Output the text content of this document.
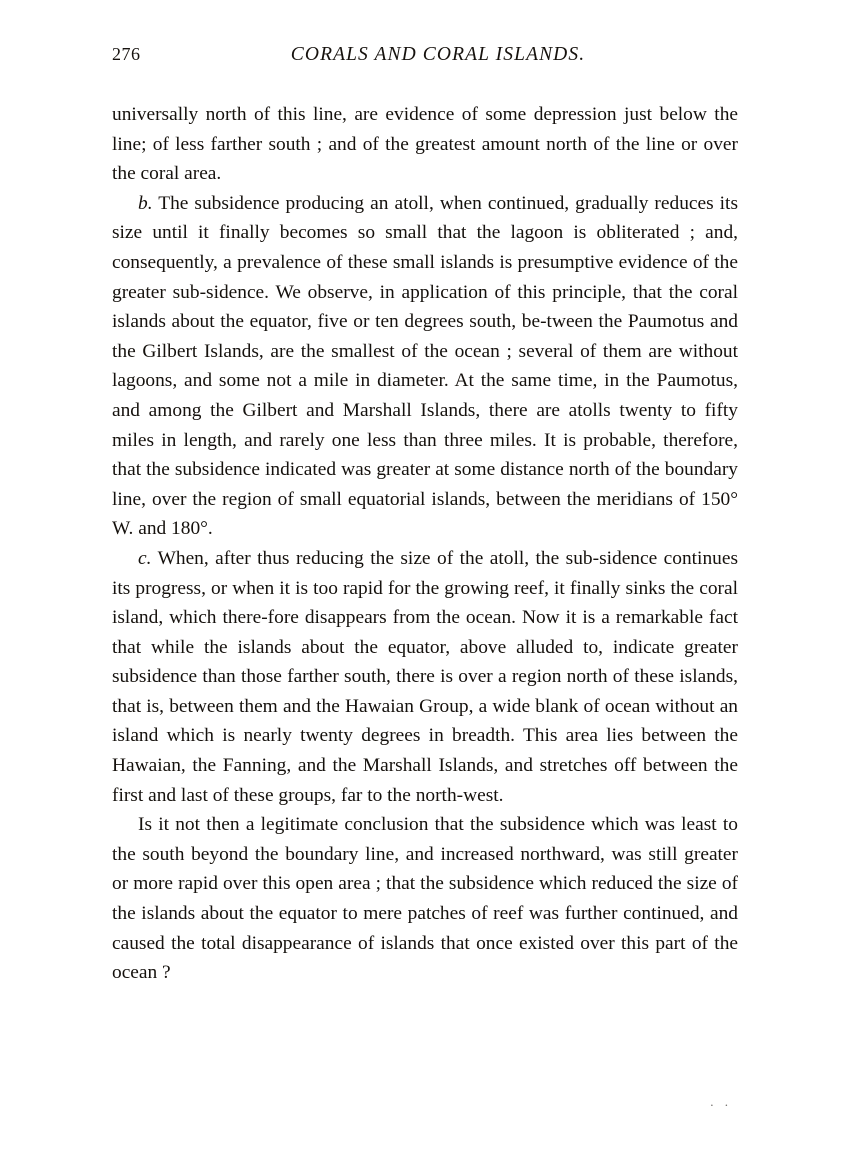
276	CORALS AND CORAL ISLANDS.

universally north of this line, are evidence of some depression just below the line; of less farther south ; and of the greatest amount north of the line or over the coral area.

b. The subsidence producing an atoll, when continued, gradually reduces its size until it finally becomes so small that the lagoon is obliterated ; and, consequently, a prevalence of these small islands is presumptive evidence of the greater sub-sidence. We observe, in application of this principle, that the coral islands about the equator, five or ten degrees south, be-tween the Paumotus and the Gilbert Islands, are the smallest of the ocean ; several of them are without lagoons, and some not a mile in diameter. At the same time, in the Paumotus, and among the Gilbert and Marshall Islands, there are atolls twenty to fifty miles in length, and rarely one less than three miles. It is probable, therefore, that the subsidence indicated was greater at some distance north of the boundary line, over the region of small equatorial islands, between the meridians of 150° W. and 180°.

c. When, after thus reducing the size of the atoll, the sub-sidence continues its progress, or when it is too rapid for the growing reef, it finally sinks the coral island, which there-fore disappears from the ocean. Now it is a remarkable fact that while the islands about the equator, above alluded to, indicate greater subsidence than those farther south, there is over a region north of these islands, that is, between them and the Hawaian Group, a wide blank of ocean without an island which is nearly twenty degrees in breadth. This area lies between the Hawaian, the Fanning, and the Marshall Islands, and stretches off between the first and last of these groups, far to the north-west.

Is it not then a legitimate conclusion that the subsidence which was least to the south beyond the boundary line, and increased northward, was still greater or more rapid over this open area ; that the subsidence which reduced the size of the islands about the equator to mere patches of reef was further continued, and caused the total disappearance of islands that once existed over this part of the ocean ?

. .
